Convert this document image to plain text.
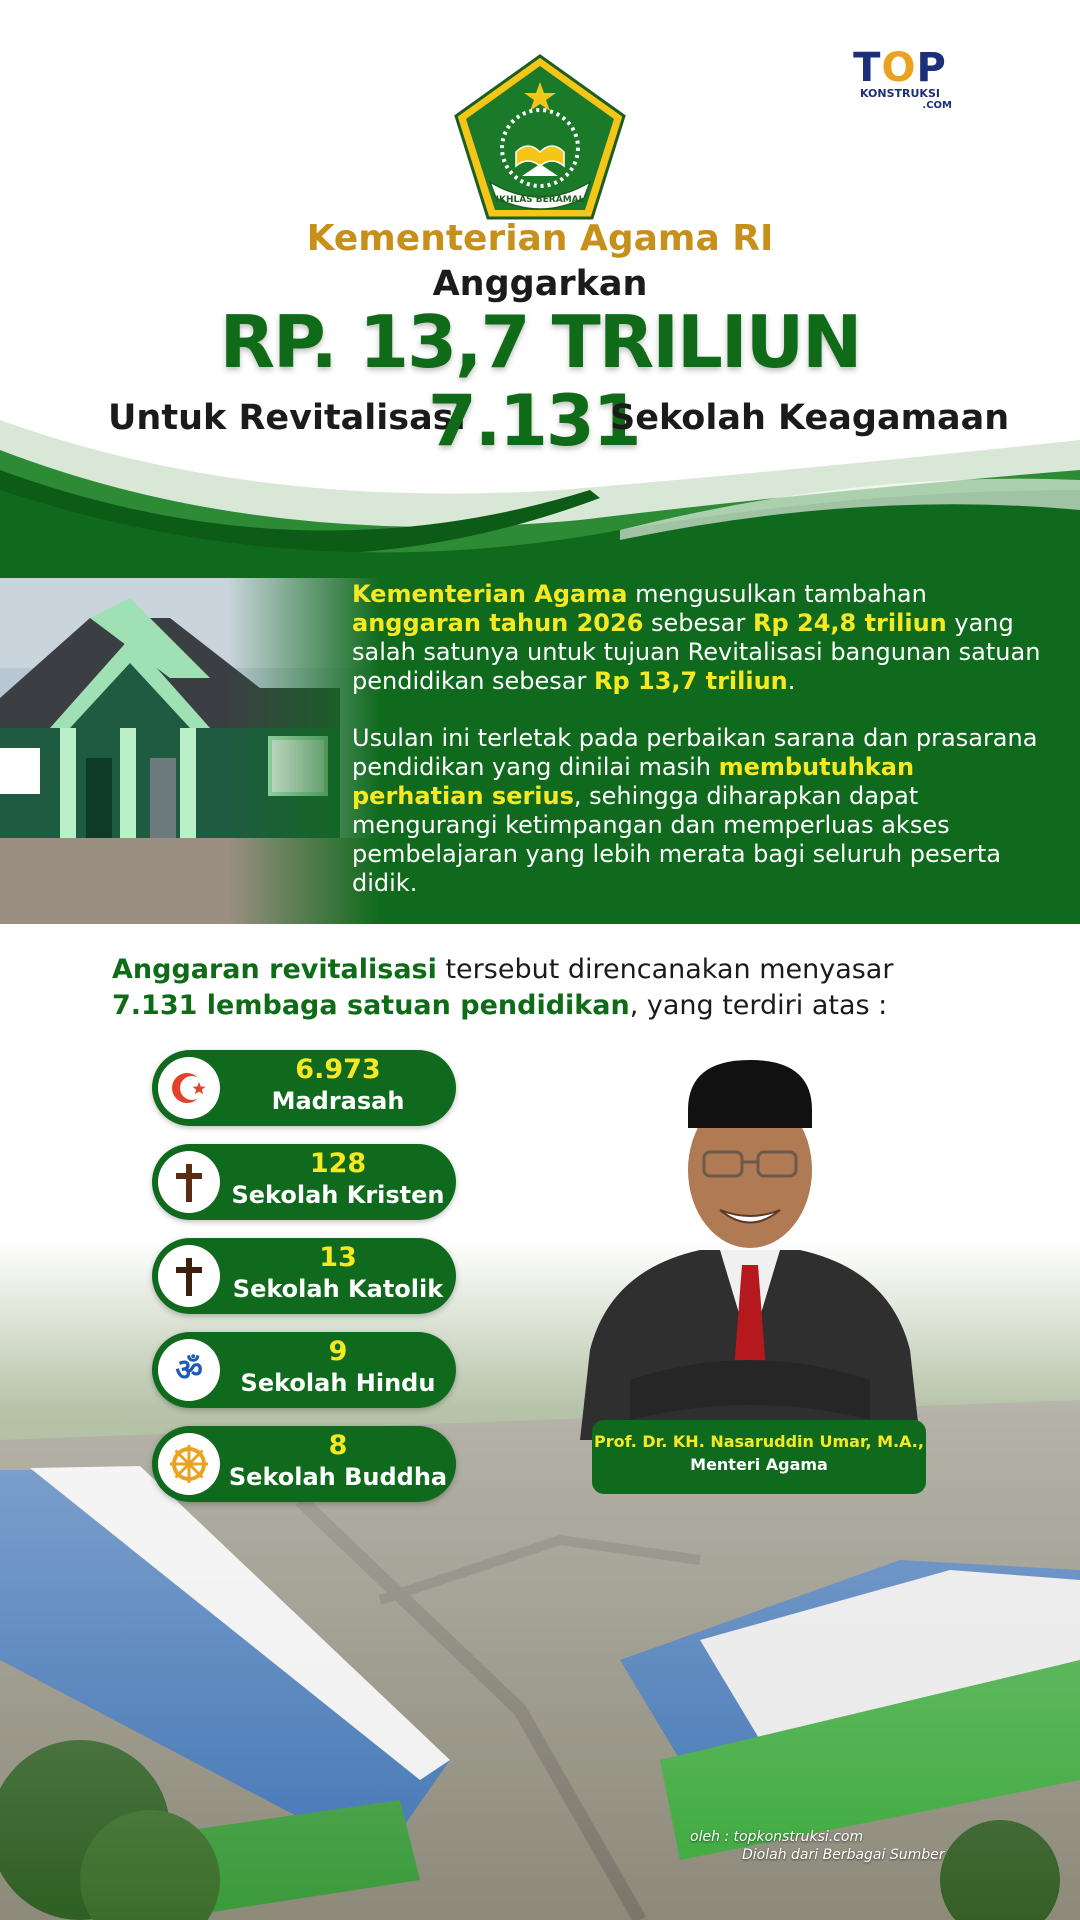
TOP
KONSTRUKSI
.COM
IKHLAS BERAMAL
Kementerian Agama RI
Anggarkan
RP. 13,7 TRILIUN
Untuk Revitalisasi
7.131
Sekolah Keagamaan
Kementerian Agama mengusulkan tambahan anggaran tahun 2026 sebesar Rp 24,8 triliun yang salah satunya untuk tujuan Revitalisasi bangunan satuan pendidikan sebesar Rp 13,7 triliun.
Usulan ini terletak pada perbaikan sarana dan prasarana pendidikan yang dinilai masih membutuhkan perhatian serius, sehingga diharapkan dapat mengurangi ketimpangan dan memperluas akses pembelajaran yang lebih merata bagi seluruh peserta didik.
Anggaran revitalisasi tersebut direncanakan menyasar
7.131 lembaga satuan pendidikan, yang terdiri atas :
6.973
Madrasah
128
Sekolah Kristen
13
Sekolah Katolik
ॐ
9
Sekolah Hindu
8
Sekolah Buddha
Prof. Dr. KH. Nasaruddin Umar, M.A.,
Menteri Agama
oleh : topkonstruksi.com
Diolah dari Berbagai Sumber
